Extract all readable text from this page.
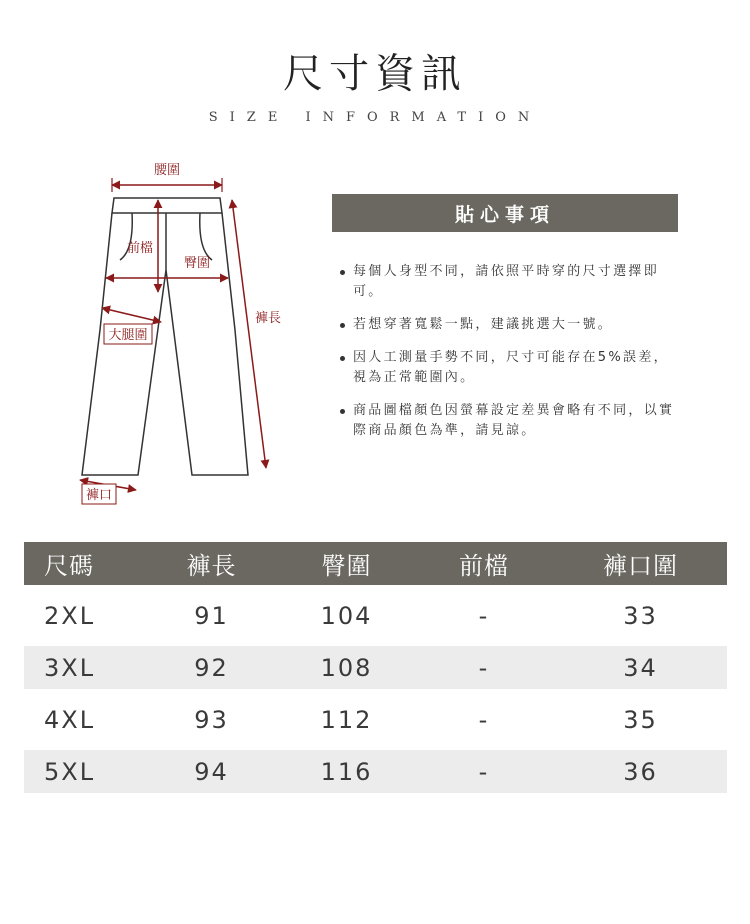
尺寸資訊
SIZE INFORMATION
腰圍
前檔
臀圍
褲長
大腿圍
褲口
貼心事項
每個人身型不同，請依照平時穿的尺寸選擇即可。
若想穿著寬鬆一點，建議挑選大一號。
因人工測量手勢不同，尺寸可能存在5%誤差，視為正常範圍內。
商品圖檔顏色因螢幕設定差異會略有不同，以實際商品顏色為準，請見諒。
尺碼	褲長	臀圍	前檔	褲口圍
2XL	91	104	-	33
3XL	92	108	-	34
4XL	93	112	-	35
5XL	94	116	-	36
